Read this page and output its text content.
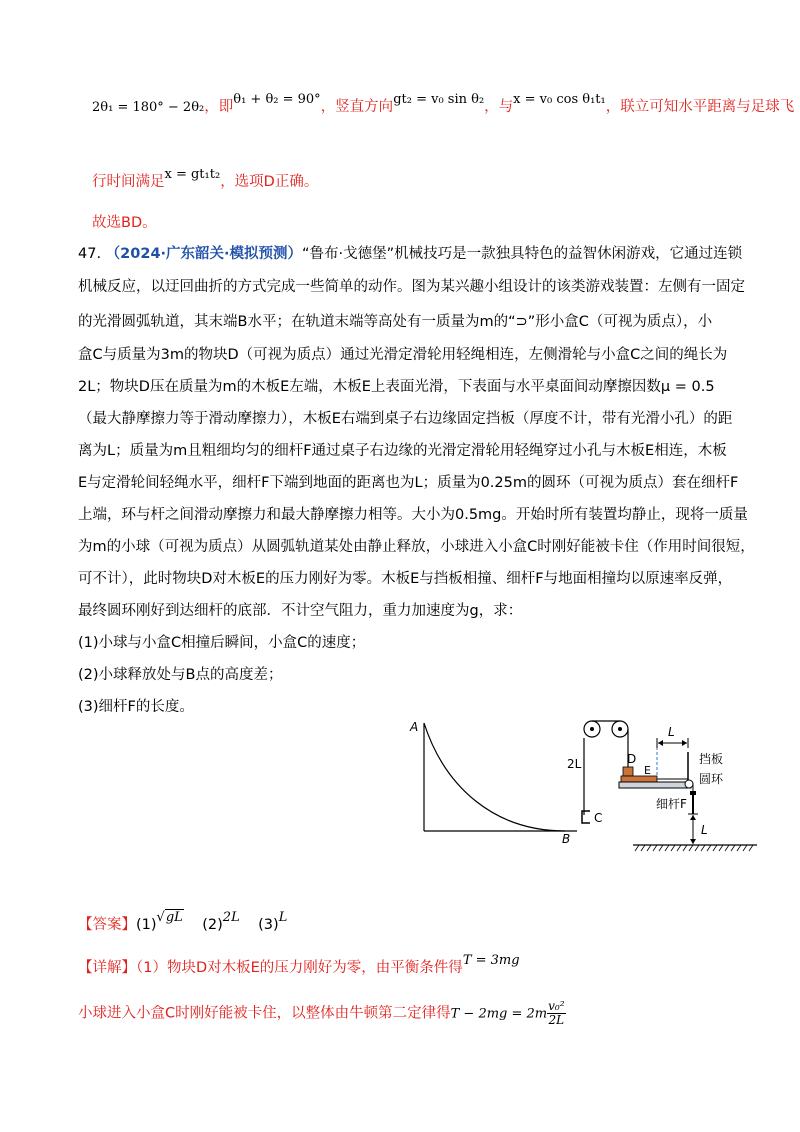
2θ₁ = 180° − 2θ₂，即θ₁ + θ₂ = 90°，竖直方向gt₂ = v₀ sin θ₂，与x = v₀ cos θ₁t₁，联立可知水平距离与足球飞
行时间满足x = gt₁t₂，选项D正确。
故选BD。
47. （2024·广东韶关·模拟预测）“鲁布·戈德堡”机械技巧是一款独具特色的益智休闲游戏，它通过连锁
机械反应，以迂回曲折的方式完成一些简单的动作。图为某兴趣小组设计的该类游戏装置：左侧有一固定
的光滑圆弧轨道，其末端B水平；在轨道末端等高处有一质量为m的“⊃”形小盒C（可视为质点），小
盒C与质量为3m的物块D（可视为质点）通过光滑定滑轮用轻绳相连，左侧滑轮与小盒C之间的绳长为
2L；物块D压在质量为m的木板E左端，木板E上表面光滑，下表面与水平桌面间动摩擦因数μ = 0.5
（最大静摩擦力等于滑动摩擦力），木板E右端到桌子右边缘固定挡板（厚度不计，带有光滑小孔）的距
离为L；质量为m且粗细均匀的细杆F通过桌子右边缘的光滑定滑轮用轻绳穿过小孔与木板E相连，木板
E与定滑轮间轻绳水平，细杆F下端到地面的距离也为L；质量为0.25m的圆环（可视为质点）套在细杆F
上端，环与杆之间滑动摩擦力和最大静摩擦力相等。大小为0.5mg。开始时所有装置均静止，现将一质量
为m的小球（可视为质点）从圆弧轨道某处由静止释放，小球进入小盒C时刚好能被卡住（作用时间很短，
可不计），此时物块D对木板E的压力刚好为零。木板E与挡板相撞、细杆F与地面相撞均以原速率反弹，
最终圆环刚好到达细杆的底部．不计空气阻力，重力加速度为g，求：
(1)小球与小盒C相撞后瞬间，小盒C的速度；
(2)小球释放处与B点的高度差；
(3)细杆F的长度。
A
B
2L
C
D
E
L
挡板
圆环
细杆F
L
【答案】(1)√gL (2)2L (3)L
【详解】（1）物块D对木板E的压力刚好为零，由平衡条件得T = 3mg
小球进入小盒C时刚好能被卡住，以整体由牛顿第二定律得$T - 2mg = 2m \frac{\text{v₀²}}{2L}$
